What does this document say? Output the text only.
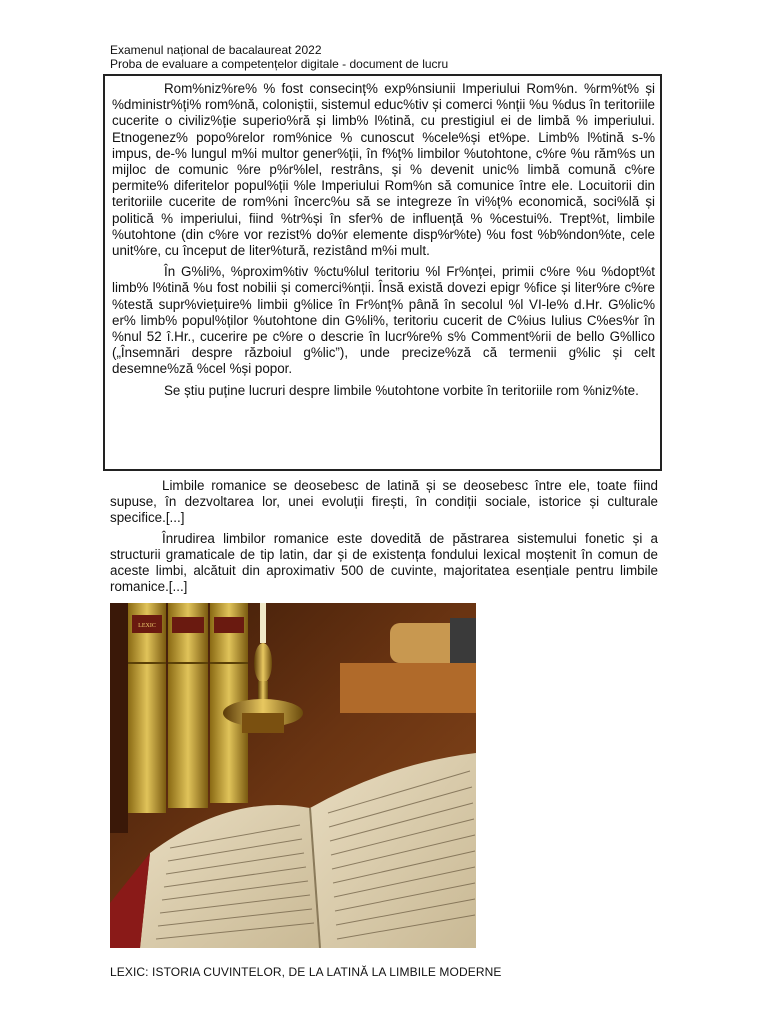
Examenul național de bacalaureat 2022
Proba de evaluare a competențelor digitale - document de lucru

Rom%niz%re% % fost consecinț% exp%nsiunii Imperiului Rom%n. %rm%t% și %dministr%ți% rom%nă, coloniștii, sistemul educ%tiv și comerci %nții %u %dus în teritoriile cucerite o civiliz%ție superio%ră și limb% l%tină, cu prestigiul ei de limbă % imperiului. Etnogenez% popo%relor rom%nice % cunoscut %cele%și et%pe. Limb% l%tină s-% impus, de-% lungul m%i multor gener%ții, în f%ț% limbilor %utohtone, c%re %u răm%s un mijloc de comunic %re p%r%lel, restrâns, și % devenit unic% limbă comună c%re permite% diferitelor popul%ții %le Imperiului Rom%n să comunice între ele. Locuitorii din teritoriile cucerite de rom%ni încerc%u să se integreze în vi%ț% economică, soci%lă și politică % imperiului, fiind %tr%și în sfer% de influență % %cestui%. Trept%t, limbile %utohtone (din c%re vor rezist% do%r elemente disp%r%te) %u fost %b%ndon%te, cele unit%re, cu început de liter%tură, rezistând m%i mult.

În G%li%, %proxim%tiv %ctu%lul teritoriu %l Fr%nței, primii c%re %u %dopt%t limb% l%tină %u fost nobilii și comerci%nții. Însă există dovezi epigr %fice și liter%re c%re %testă supr%viețuire% limbii g%lice în Fr%nț% până în secolul %l VI-le% d.Hr. G%lic% er% limb% popul%ților %utohtone din G%li%, teritoriu cucerit de C%ius Iulius C%es%r în %nul 52 î.Hr., cucerire pe c%re o descrie în lucr%re% s% Comment%rii de bello G%llico („Însemnări despre războiul g%lic”), unde precize%ză că termenii g%lic și celt desemne%ză %cel %și popor.

Se știu puține lucruri despre limbile %utohtone vorbite în teritoriile rom %niz%te.

Limbile romanice se deosebesc de latină și se deosebesc între ele, toate fiind supuse, în dezvoltarea lor, unei evoluții firești, în condiții sociale, istorice și culturale specifice.[...]

Înrudirea limbilor romanice este dovedită de păstrarea sistemului fonetic și a structurii gramaticale de tip latin, dar și de existența fondului lexical moștenit în comun de aceste limbi, alcătuit din aproximativ 500 de cuvinte, majoritatea esențiale pentru limbile romanice.[...]

LEXIC
LEXIC: ISTORIA CUVINTELOR, DE LA LATINĂ LA LIMBILE MODERNE
